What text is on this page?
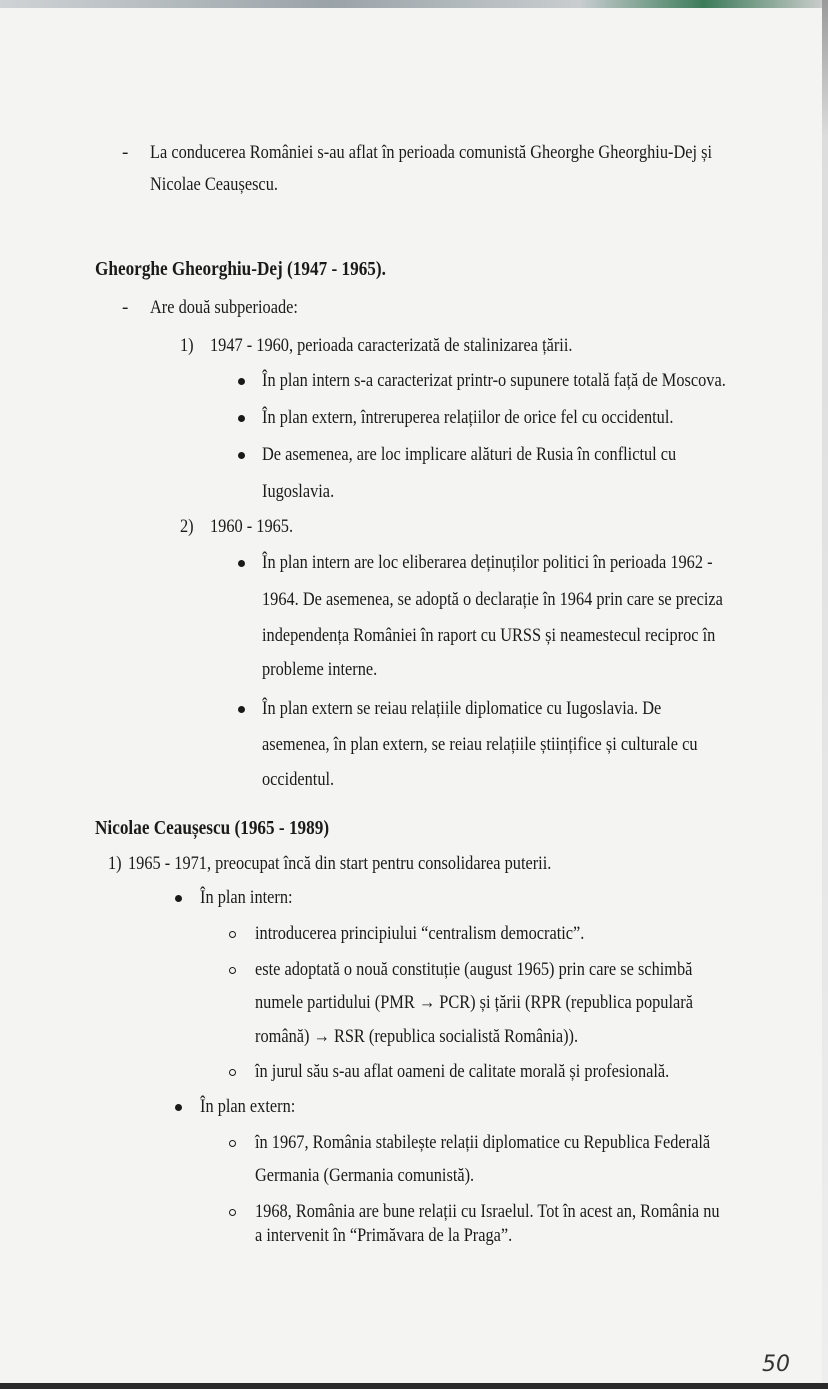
- La conducerea României s-au aflat în perioada comunistă Gheorghe Gheorghiu-Dej și
Nicolae Ceaușescu.
Gheorghe Gheorghiu-Dej (1947 - 1965).
- Are două subperioade:
1) 1947 - 1960, perioada caracterizată de stalinizarea țării.
În plan intern s-a caracterizat printr-o supunere totală față de Moscova.
În plan extern, întreruperea relațiilor de orice fel cu occidentul.
De asemenea, are loc implicare alături de Rusia în conflictul cu
Iugoslavia.
2) 1960 - 1965.
În plan intern are loc eliberarea deținuților politici în perioada 1962 -
1964. De asemenea, se adoptă o declarație în 1964 prin care se preciza
independența României în raport cu URSS și neamestecul reciproc în
probleme interne.
În plan extern se reiau relațiile diplomatice cu Iugoslavia. De
asemenea, în plan extern, se reiau relațiile științifice și culturale cu
occidentul.
Nicolae Ceaușescu (1965 - 1989)
1) 1965 - 1971, preocupat încă din start pentru consolidarea puterii.
În plan intern:
introducerea principiului “centralism democratic”.
este adoptată o nouă constituție (august 1965) prin care se schimbă
numele partidului (PMR → PCR) și țării (RPR (republica populară
română) → RSR (republica socialistă România)).
în jurul său s-au aflat oameni de calitate morală și profesională.
În plan extern:
în 1967, România stabilește relații diplomatice cu Republica Federală
Germania (Germania comunistă).
1968, România are bune relații cu Israelul. Tot în acest an, România nu
a intervenit în “Primăvara de la Praga”.
50
